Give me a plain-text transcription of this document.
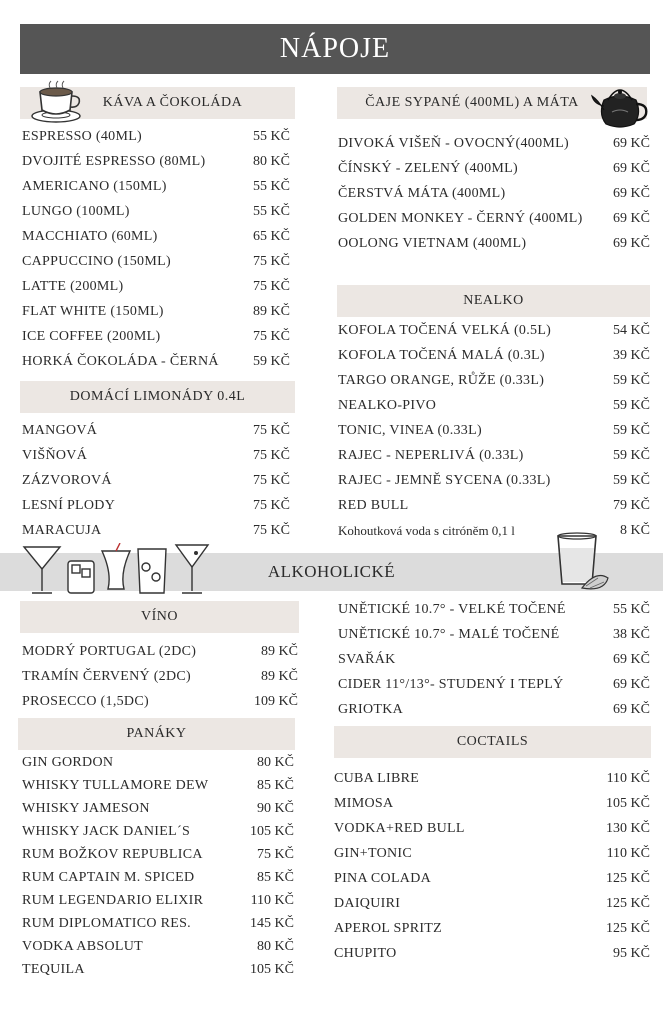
NÁPOJE
KÁVA A ČOKOLÁDA
ESPRESSO (40ML)	55 KČ
DVOJITÉ ESPRESSO (80ML)	80 KČ
AMERICANO (150ML)	55 KČ
LUNGO (100ML)	55 KČ
MACCHIATO (60ML)	65 KČ
CAPPUCCINO (150ML)	75 KČ
LATTE (200ML)	75 KČ
FLAT WHITE (150ML)	89 KČ
ICE COFFEE (200ML)	75 KČ
HORKÁ ČOKOLÁDA - ČERNÁ 59 KČ
DOMÁCÍ LIMONÁDY 0.4L
MANGOVÁ	75 KČ
VIŠŇOVÁ	75 KČ
ZÁZVOROVÁ	75 KČ
LESNÍ PLODY	75 KČ
MARACUJA	75 KČ
ČAJE SYPANÉ (400ML) A MÁTA
DIVOKÁ VIŠEŇ - OVOCNÝ(400ML)	69 KČ
ČÍNSKÝ - ZELENÝ (400ML)	69 KČ
ČERSTVÁ MÁTA (400ML)	69 KČ
GOLDEN MONKEY - ČERNÝ (400ML) 69 KČ
OOLONG VIETNAM (400ML)	69 KČ
NEALKO
KOFOLA TOČENÁ VELKÁ (0.5L)	54 KČ
KOFOLA TOČENÁ MALÁ (0.3L)	39 KČ
TARGO ORANGE, RŮŽE (0.33L)	59 KČ
NEALKO-PIVO	59 KČ
TONIC, VINEA (0.33L)	59 KČ
RAJEC - NEPERLIVÁ (0.33L)	59 KČ
RAJEC - JEMNĚ SYCENA (0.33L)	59 KČ
RED BULL	79 KČ
Kohoutková voda s citróněm 0,1 l	8 KČ
ALKOHOLICKÉ
VÍNO
MODRÝ PORTUGAL (2DC)	89 KČ
TRAMÍN ČERVENÝ (2DC)	89 KČ
PROSECCO (1,5DC)	109 KČ
PANÁKY
GIN GORDON	80 KČ
WHISKY TULLAMORE DEW	85 KČ
WHISKY JAMESON	90 KČ
WHISKY JACK DANIEL´S	105 KČ
RUM BOŽKOV REPUBLICA	75 KČ
RUM CAPTAIN M. SPICED	85 KČ
RUM LEGENDARIO ELIXIR	110 KČ
RUM DIPLOMATICO RES.	145 KČ
VODKA ABSOLUT	80 KČ
TEQUILA	105 KČ
UNĚTICKÉ 10.7° - VELKÉ TOČENÉ	55 KČ
UNĚTICKÉ 10.7° - MALÉ TOČENÉ	38 KČ
SVAŘÁK	69 KČ
CIDER 11°/13°- STUDENÝ I TEPLÝ	69 KČ
GRIOTKA	69 KČ
COCTAILS
CUBA LIBRE	110 KČ
MIMOSA	105 KČ
VODKA+RED BULL	130 KČ
GIN+TONIC	110 KČ
PINA COLADA	125 KČ
DAIQUIRI	125 KČ
APEROL SPRITZ	125 KČ
CHUPITO	95 KČ
